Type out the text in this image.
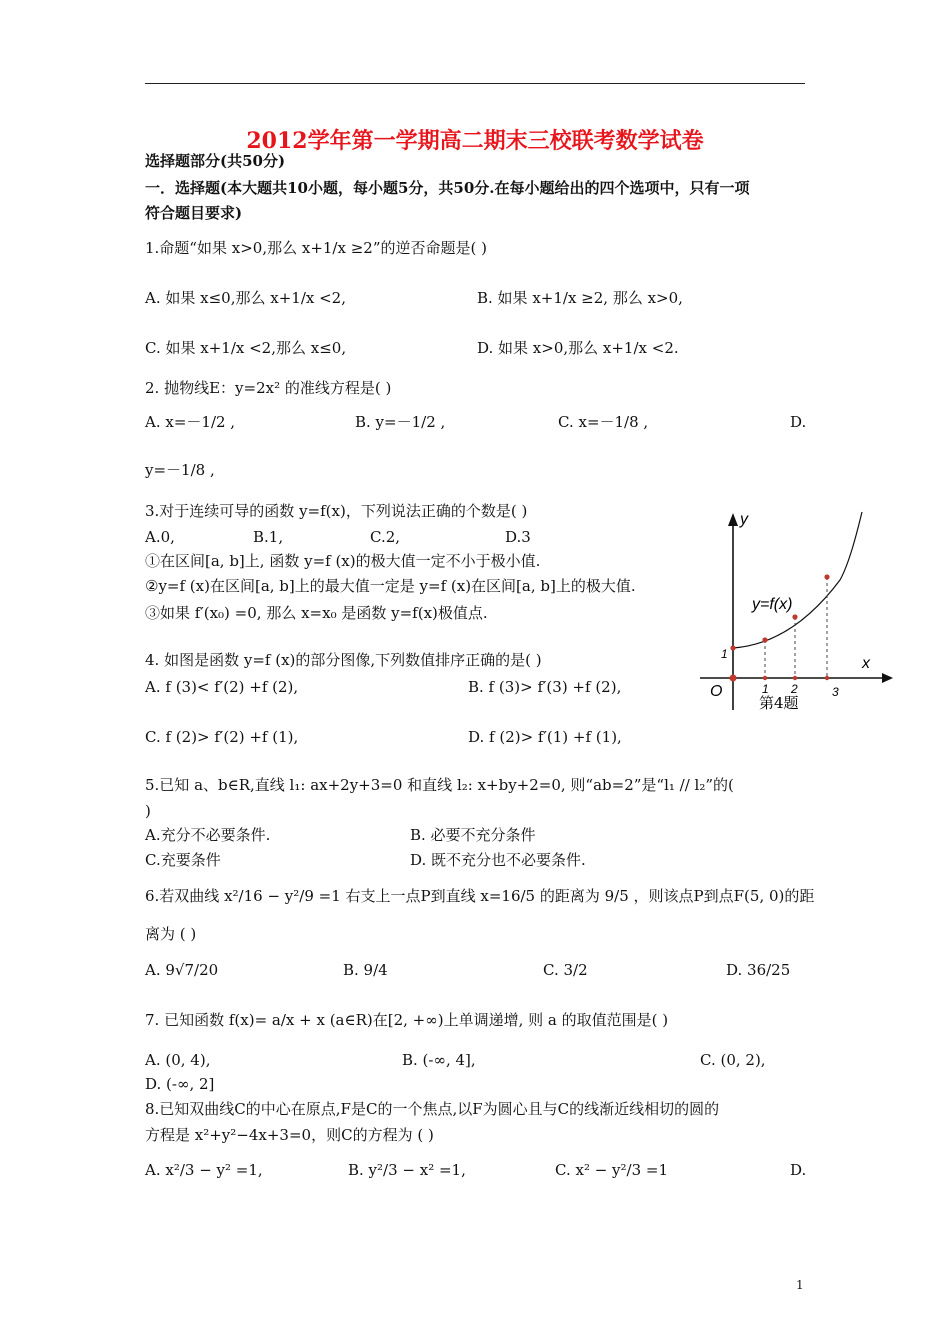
2012学年第一学期高二期末三校联考数学试卷
选择题部分(共50分)
一．选择题(本大题共10小题，每小题5分，共50分.在每小题给出的四个选项中，只有一项
符合题目要求)
1.命题“如果 x>0,那么 x+1/x ≥2”的逆否命题是( )
A. 如果 x≤0,那么 x+1/x <2,	B. 如果 x+1/x ≥2, 那么 x>0,
C. 如果 x+1/x <2,那么 x≤0,	D. 如果 x>0,那么 x+1/x <2.
2. 抛物线E：y=2x² 的准线方程是( )
A. x=－1/2 ,	B. y=－1/2 ,	C. x=－1/8 ,	D.
y=－1/8 ,
3.对于连续可导的函数 y=f(x)，下列说法正确的个数是( )
A.0,	B.1,	C.2,	D.3
①在区间[a, b]上, 函数 y=f (x)的极大值一定不小于极小值.
②y=f (x)在区间[a, b]上的最大值一定是 y=f (x)在区间[a, b]上的极大值.
③如果 f′(x₀) =0, 那么 x=x₀ 是函数 y=f(x)极值点.
4. 如图是函数 y=f (x)的部分图像,下列数值排序正确的是( )
A. f (3)< f′(2) +f (2),	B. f (3)> f′(3) +f (2),
C. f (2)> f′(2) +f (1),	D. f (2)> f′(1) +f (1),
5.已知 a、b∈R,直线 l₁: ax+2y+3=0 和直线 l₂: x+by+2=0, 则“ab=2”是“l₁ // l₂”的(
)
A.充分不必要条件.	B. 必要不充分条件
C.充要条件	D. 既不充分也不必要条件.
6.若双曲线 x²/16 − y²/9 =1 右支上一点P到直线 x=16/5 的距离为 9/5 ，则该点P到点F(5, 0)的距
离为 ( )
A. 9√7/20	B. 9/4	C. 3/2	D. 36/25
7. 已知函数 f(x)= a/x + x (a∈R)在[2, +∞)上单调递增, 则 a 的取值范围是( )
A. (0, 4),	B. (-∞, 4],	C. (0, 2),
D. (-∞, 2]
8.已知双曲线C的中心在原点,F是C的一个焦点,以F为圆心且与C的线渐近线相切的圆的
方程是 x²+y²−4x+3=0，则C的方程为 ( )
A. x²/3 − y² =1,	B. y²/3 − x² =1,	C. x² − y²/3 =1	D.
y
x
O
1
1 2	3
y=f(x)
第4题
1
